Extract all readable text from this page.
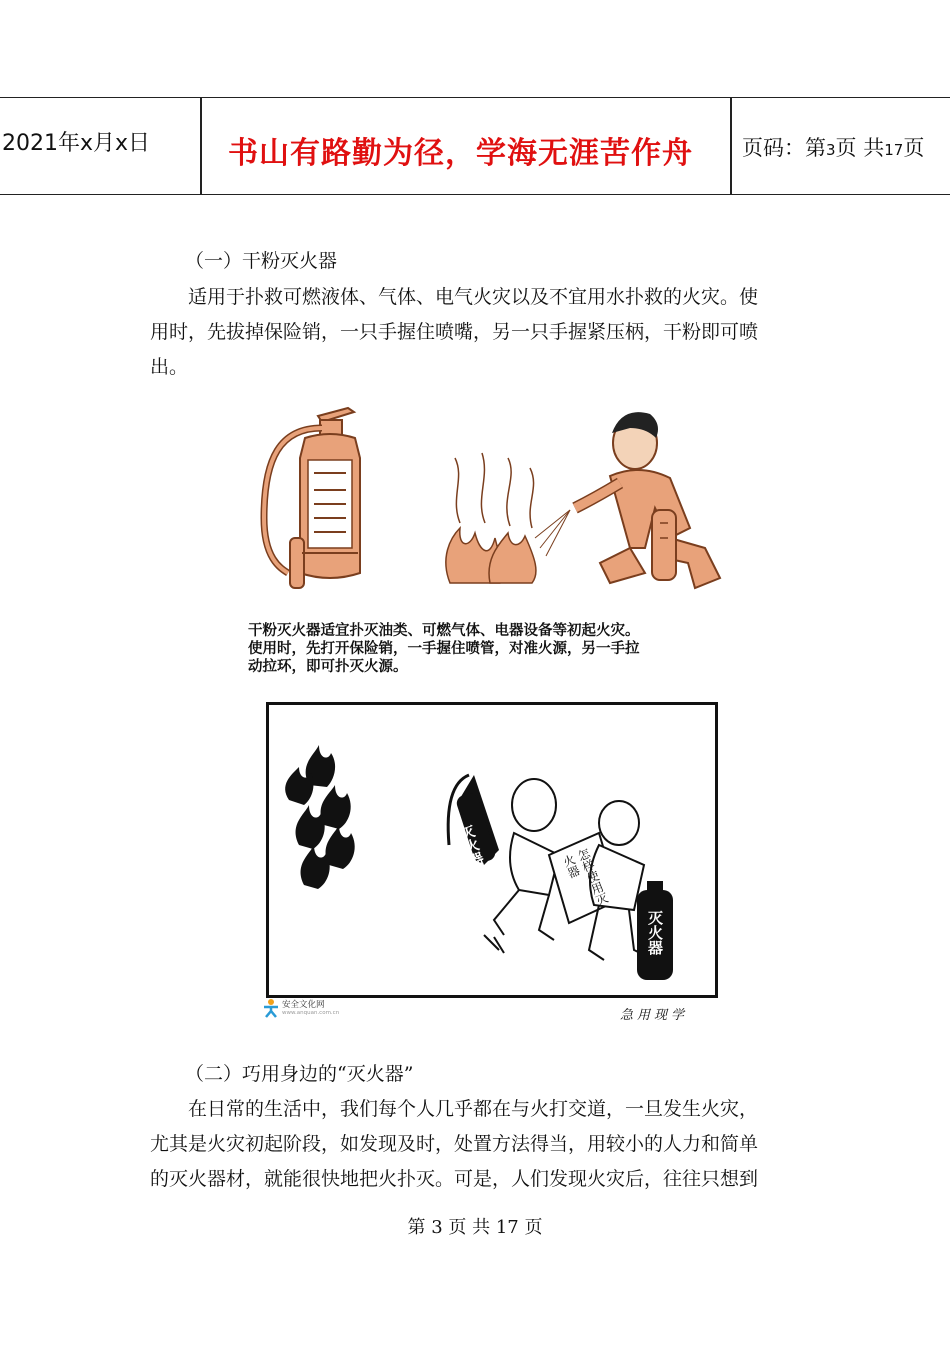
2021年x月x日	书山有路勤为径，学海无涯苦作舟 页码：第3页 共17页
（一）干粉灭火器
　　适用于扑救可燃液体、气体、电气火灾以及不宜用水扑救的火灾。使
用时，先拔掉保险销，一只手握住喷嘴，另一只手握紧压柄，干粉即可喷
出。
干粉灭火器适宜扑灭油类、可燃气体、电器设备等初起火灾。
使用时，先打开保险销，一手握住喷管，对准火源，另一手拉
动拉环，即可扑灭火源。
灭火器
灭火器
怎样使用灭火器
安全文化网
www.anquan.com.cn	急用现学
（二）巧用身边的“灭火器”
　　在日常的生活中，我们每个人几乎都在与火打交道，一旦发生火灾，
尤其是火灾初起阶段，如发现及时，处置方法得当，用较小的人力和简单
的灭火器材，就能很快地把火扑灭。可是，人们发现火灾后，往往只想到
第 3 页 共 17 页
